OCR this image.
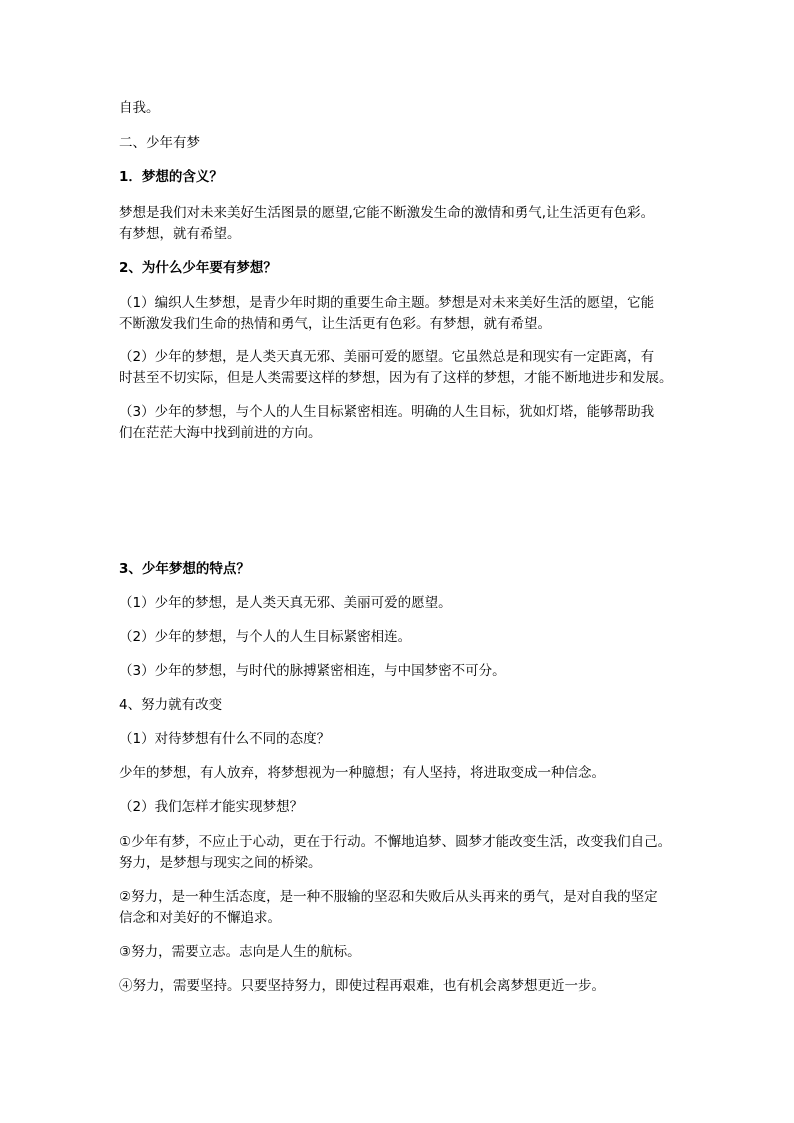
自我。
二、少年有梦
1．梦想的含义？
梦想是我们对未来美好生活图景的愿望,它能不断激发生命的激情和勇气,让生活更有色彩。
有梦想，就有希望。
2、为什么少年要有梦想？
（1）编织人生梦想，是青少年时期的重要生命主题。梦想是对未来美好生活的愿望，它能
不断激发我们生命的热情和勇气，让生活更有色彩。有梦想，就有希望。
（2）少年的梦想，是人类天真无邪、美丽可爱的愿望。它虽然总是和现实有一定距离，有
时甚至不切实际，但是人类需要这样的梦想，因为有了这样的梦想，才能不断地进步和发展。
（3）少年的梦想，与个人的人生目标紧密相连。明确的人生目标，犹如灯塔，能够帮助我
们在茫茫大海中找到前进的方向。
3、少年梦想的特点？
（1）少年的梦想，是人类天真无邪、美丽可爱的愿望。
（2）少年的梦想，与个人的人生目标紧密相连。
（3）少年的梦想，与时代的脉搏紧密相连，与中国梦密不可分。
4、努力就有改变
（1）对待梦想有什么不同的态度？
少年的梦想，有人放弃，将梦想视为一种臆想；有人坚持，将进取变成一种信念。
（2）我们怎样才能实现梦想？
①少年有梦，不应止于心动，更在于行动。不懈地追梦、圆梦才能改变生活，改变我们自己。
努力，是梦想与现实之间的桥梁。
②努力，是一种生活态度，是一种不服输的坚忍和失败后从头再来的勇气，是对自我的坚定
信念和对美好的不懈追求。
③努力，需要立志。志向是人生的航标。
④努力，需要坚持。只要坚持努力，即使过程再艰难，也有机会离梦想更近一步。
